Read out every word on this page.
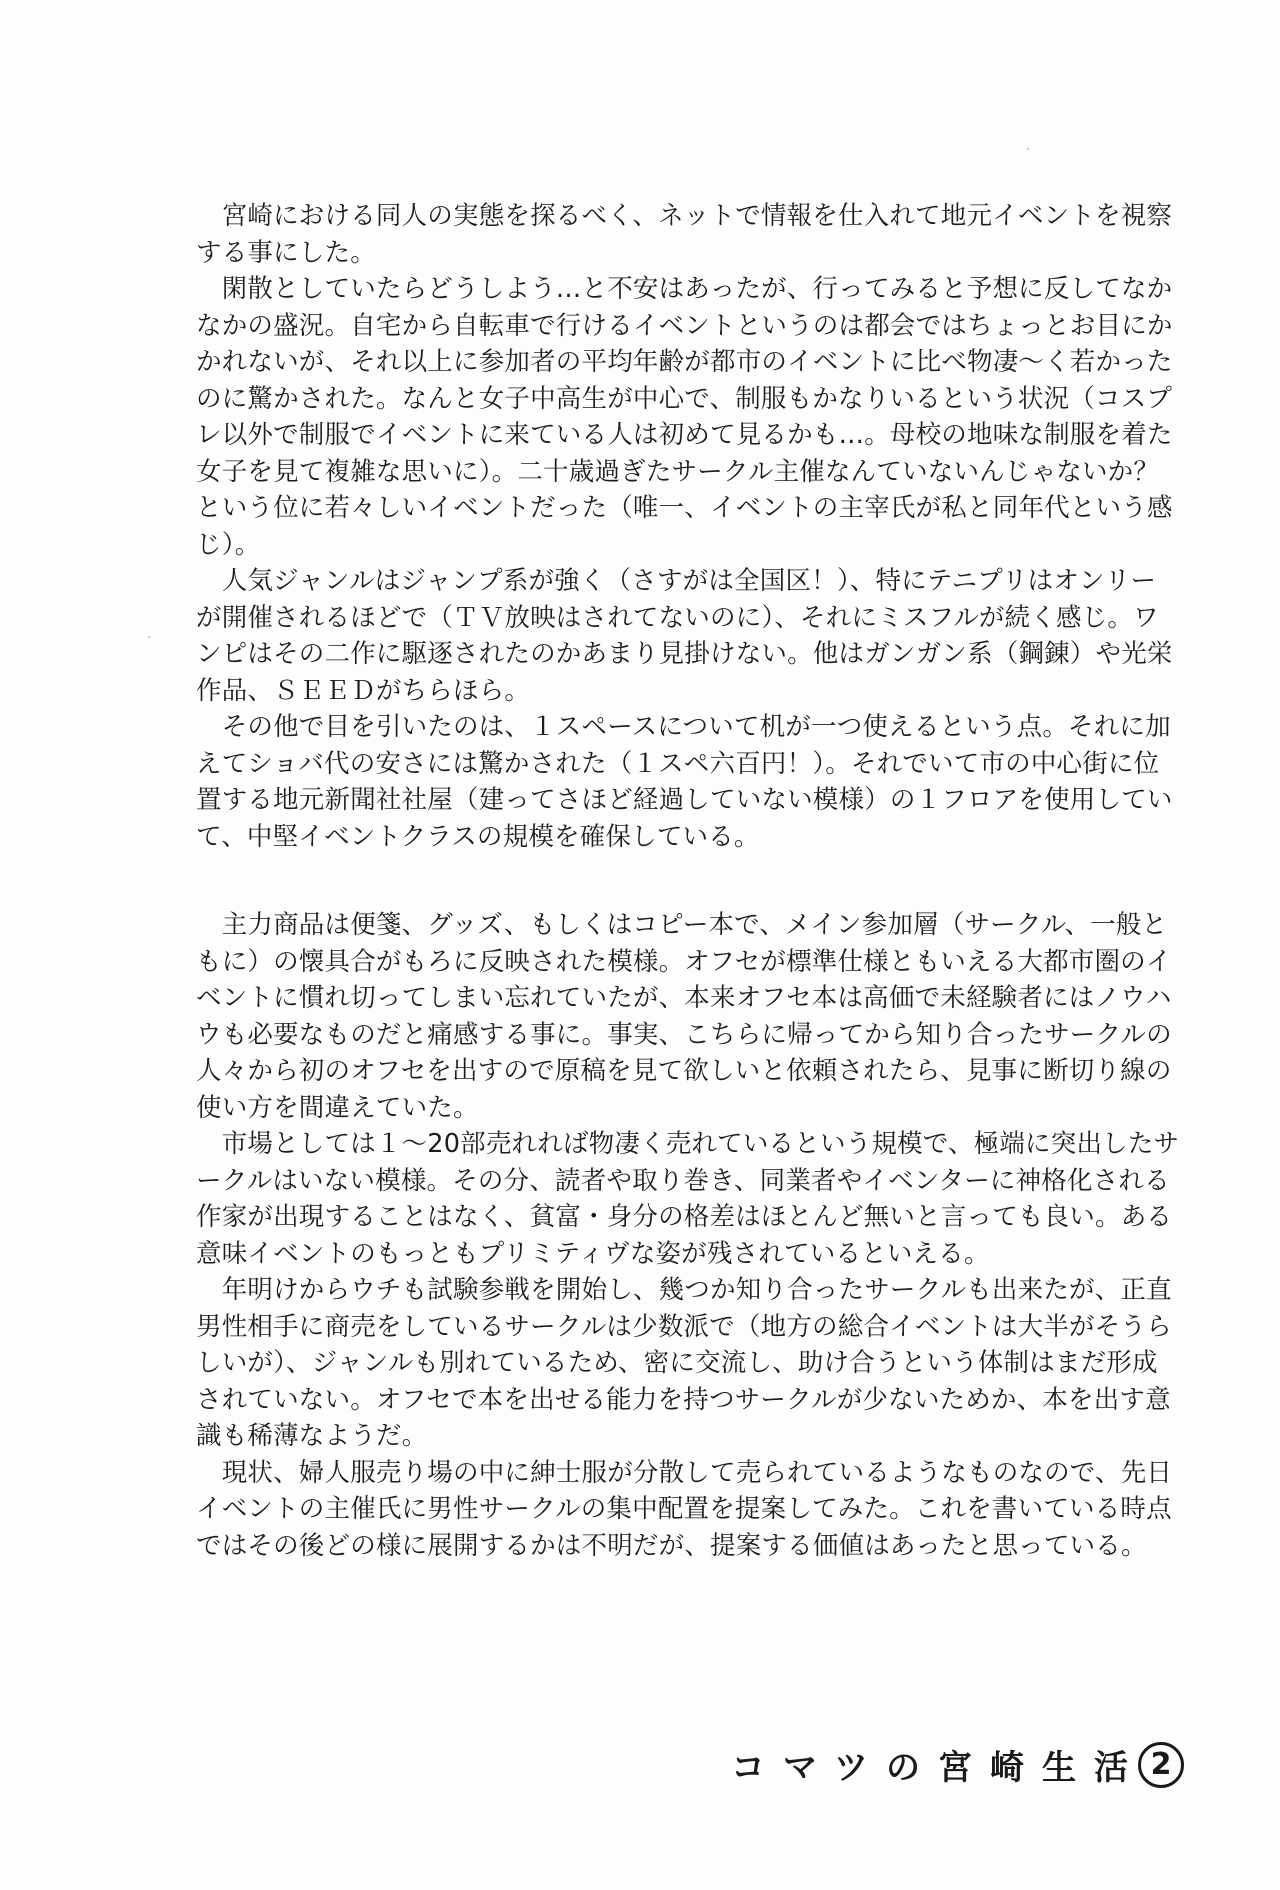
　宮崎における同人の実態を探るべく、ネットで情報を仕入れて地元イベントを視察
する事にした。
　閑散としていたらどうしよう…と不安はあったが、行ってみると予想に反してなか
なかの盛況。自宅から自転車で行けるイベントというのは都会ではちょっとお目にか
かれないが、それ以上に参加者の平均年齢が都市のイベントに比べ物凄～く若かった
のに驚かされた。なんと女子中高生が中心で、制服もかなりいるという状況（コスプ
レ以外で制服でイベントに来ている人は初めて見るかも…。母校の地味な制服を着た
女子を見て複雑な思いに）。二十歳過ぎたサークル主催なんていないんじゃないか？
という位に若々しいイベントだった（唯一、イベントの主宰氏が私と同年代という感
じ）。
　人気ジャンルはジャンプ系が強く（さすがは全国区！）、特にテニプリはオンリー
が開催されるほどで（ＴＶ放映はされてないのに）、それにミスフルが続く感じ。ワ
ンピはその二作に駆逐されたのかあまり見掛けない。他はガンガン系（鋼錬）や光栄
作品、ＳＥＥＤがちらほら。
　その他で目を引いたのは、１スペースについて机が一つ使えるという点。それに加
えてショバ代の安さには驚かされた（１スペ六百円！）。それでいて市の中心街に位
置する地元新聞社社屋（建ってさほど経過していない模様）の１フロアを使用してい
て、中堅イベントクラスの規模を確保している。
　主力商品は便箋、グッズ、もしくはコピー本で、メイン参加層（サークル、一般と
もに）の懐具合がもろに反映された模様。オフセが標準仕様ともいえる大都市圏のイ
ベントに慣れ切ってしまい忘れていたが、本来オフセ本は高価で未経験者にはノウハ
ウも必要なものだと痛感する事に。事実、こちらに帰ってから知り合ったサークルの
人々から初のオフセを出すので原稿を見て欲しいと依頼されたら、見事に断切り線の
使い方を間違えていた。
　市場としては１～20部売れれば物凄く売れているという規模で、極端に突出したサ
ークルはいない模様。その分、読者や取り巻き、同業者やイベンターに神格化される
作家が出現することはなく、貧富・身分の格差はほとんど無いと言っても良い。ある
意味イベントのもっともプリミティヴな姿が残されているといえる。
　年明けからウチも試験参戦を開始し、幾つか知り合ったサークルも出来たが、正直
男性相手に商売をしているサークルは少数派で（地方の総合イベントは大半がそうら
しいが）、ジャンルも別れているため、密に交流し、助け合うという体制はまだ形成
されていない。オフセで本を出せる能力を持つサークルが少ないためか、本を出す意
識も稀薄なようだ。
　現状、婦人服売り場の中に紳士服が分散して売られているようなものなので、先日
イベントの主催氏に男性サークルの集中配置を提案してみた。これを書いている時点
ではその後どの様に展開するかは不明だが、提案する価値はあったと思っている。
コマツの宮崎生活 2
